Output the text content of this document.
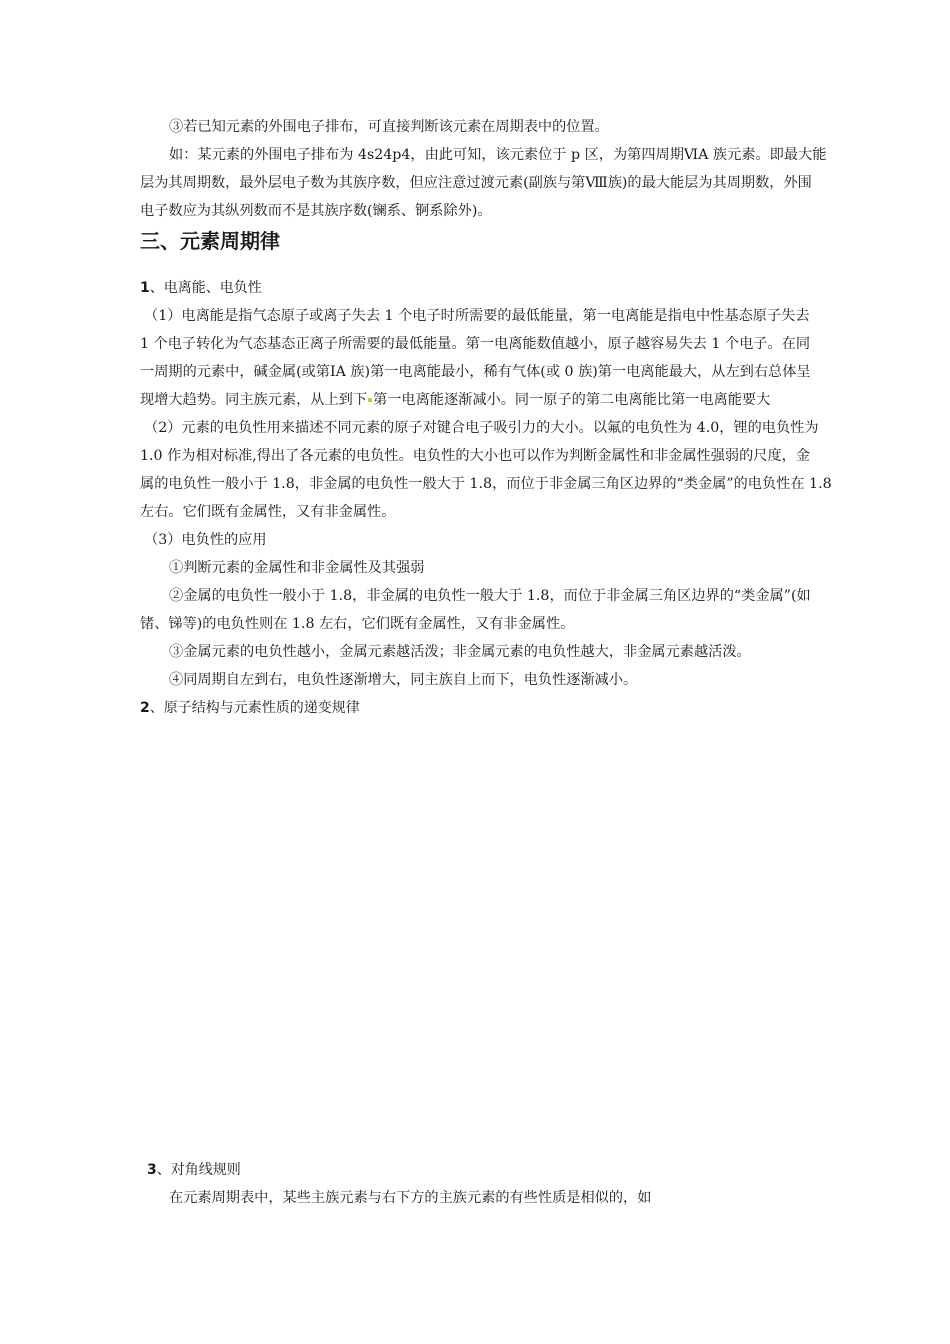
③若已知元素的外围电子排布，可直接判断该元素在周期表中的位置。
如：某元素的外围电子排布为 4s24p4，由此可知，该元素位于 p 区，为第四周期ⅥA 族元素。即最大能
层为其周期数，最外层电子数为其族序数，但应注意过渡元素(副族与第Ⅷ族)的最大能层为其周期数，外围
电子数应为其纵列数而不是其族序数(镧系、锕系除外)。
三、元素周期律
1、电离能、电负性
（1）电离能是指气态原子或离子失去 1 个电子时所需要的最低能量，第一电离能是指电中性基态原子失去
1 个电子转化为气态基态正离子所需要的最低能量。第一电离能数值越小，原子越容易失去 1 个电子。在同
一周期的元素中，碱金属(或第ⅠA 族)第一电离能最小，稀有气体(或 0 族)第一电离能最大，从左到右总体呈
现增大趋势。同主族元素，从上到下 第一电离能逐渐减小。同一原子的第二电离能比第一电离能要大
（2）元素的电负性用来描述不同元素的原子对键合电子吸引力的大小。以氟的电负性为 4.0，锂的电负性为
1.0 作为相对标准,得出了各元素的电负性。电负性的大小也可以作为判断金属性和非金属性强弱的尺度，金
属的电负性一般小于 1.8，非金属的电负性一般大于 1.8，而位于非金属三角区边界的“类金属”的电负性在 1.8
左右。它们既有金属性，又有非金属性。
（3）电负性的应用
①判断元素的金属性和非金属性及其强弱
②金属的电负性一般小于 1.8，非金属的电负性一般大于 1.8，而位于非金属三角区边界的“类金属”(如
锗、锑等)的电负性则在 1.8 左右，它们既有金属性，又有非金属性。
③金属元素的电负性越小，金属元素越活泼；非金属元素的电负性越大，非金属元素越活泼。
④同周期自左到右，电负性逐渐增大，同主族自上而下，电负性逐渐减小。
2、原子结构与元素性质的递变规律
3、对角线规则
在元素周期表中，某些主族元素与右下方的主族元素的有些性质是相似的，如
